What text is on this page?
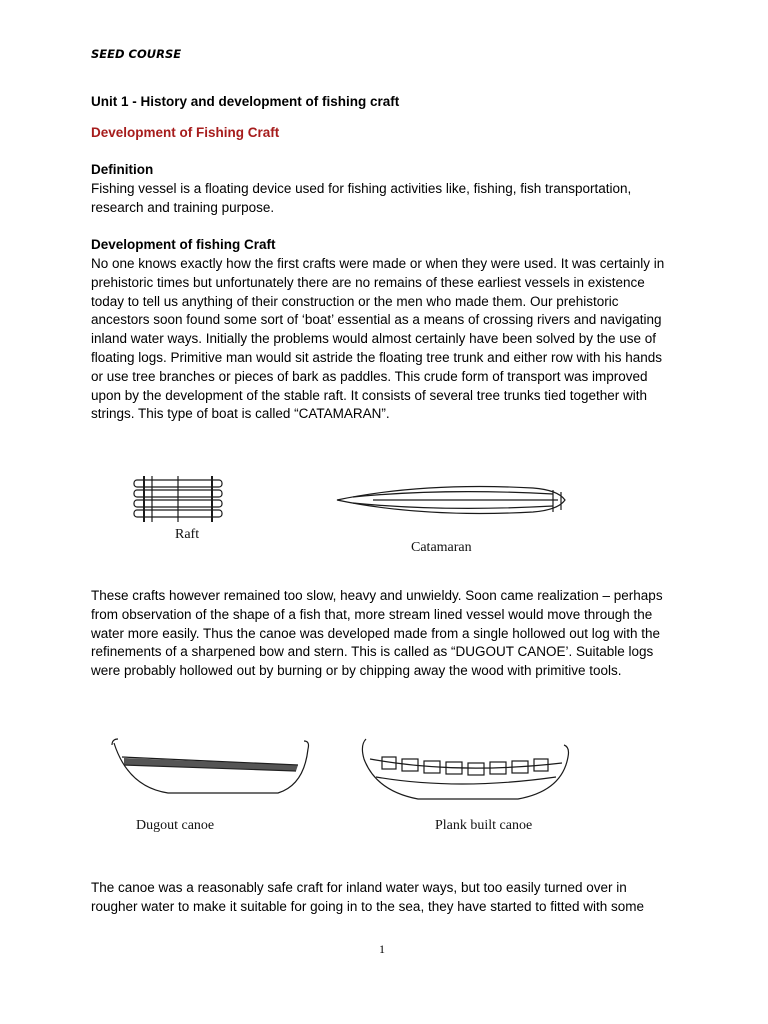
SEED COURSE
Unit 1 - History and development of fishing craft
Development of Fishing Craft
Definition

Fishing vessel is a floating device used for fishing activities like, fishing, fish transportation,
research and training purpose.

Development of fishing Craft

No one knows exactly how the first crafts were made or when they were used. It was certainly in
prehistoric times but unfortunately there are no remains of these earliest vessels in existence
today to tell us anything of their construction or the men who made them. Our prehistoric
ancestors soon found some sort of ‘boat’ essential as a means of crossing rivers and navigating
inland water ways. Initially the problems would almost certainly have been solved by the use of
floating logs. Primitive man would sit astride the floating tree trunk and either row with his hands
or use tree branches or pieces of bark as paddles. This crude form of transport was improved
upon by the development of the stable raft. It consists of several tree trunks tied together with
strings. This type of boat is called “CATAMARAN”.

Raft
Catamaran

These crafts however remained too slow, heavy and unwieldy. Soon came realization – perhaps
from observation of the shape of a fish that, more stream lined vessel would move through the
water more easily. Thus the canoe was developed made from a single hollowed out log with the
refinements of a sharpened bow and stern. This is called as “DUGOUT CANOE’. Suitable logs
were probably hollowed out by burning or by chipping away the wood with primitive tools.

Dugout canoe	Plank built canoe

The canoe was a reasonably safe craft for inland water ways, but too easily turned over in
rougher water to make it suitable for going in to the sea, they have started to fitted with some

1
